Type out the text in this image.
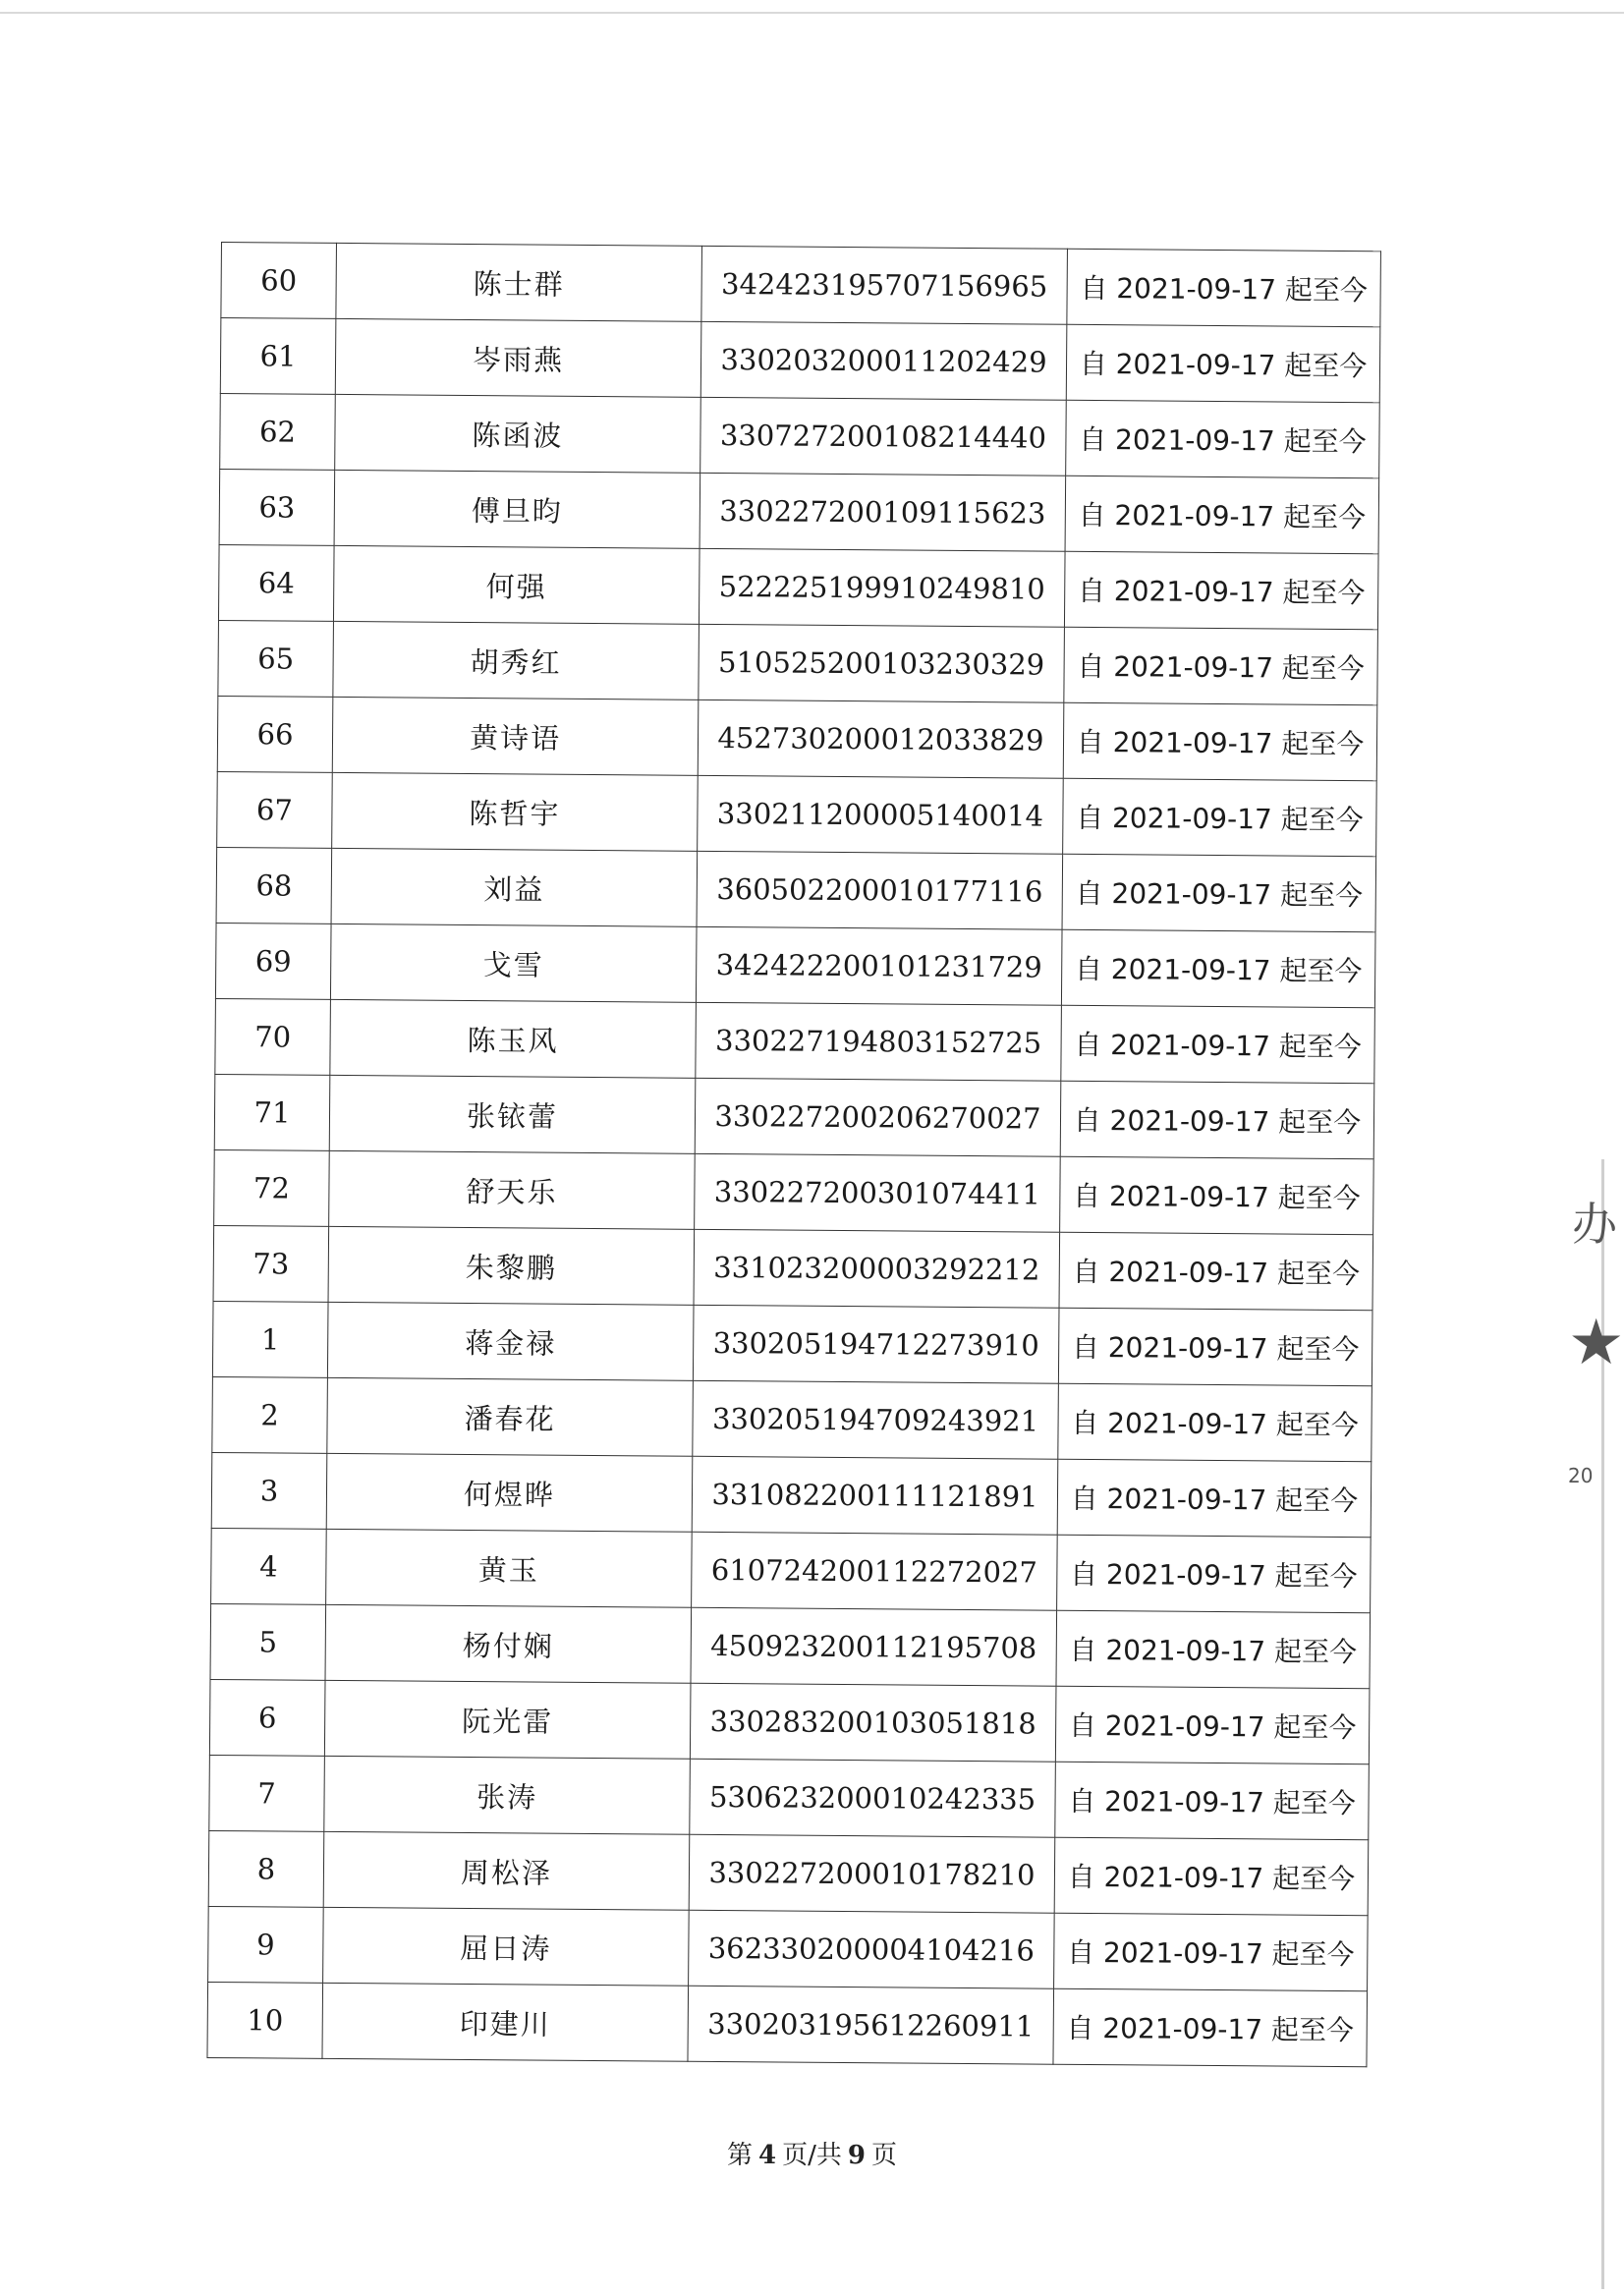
60	陈士群	342423195707156965	自 2021-09-17 起至今
61	岑雨燕	330203200011202429	自 2021-09-17 起至今
62	陈函波	330727200108214440	自 2021-09-17 起至今
63	傅旦昀	330227200109115623	自 2021-09-17 起至今
64	何强	522225199910249810	自 2021-09-17 起至今
65	胡秀红	510525200103230329	自 2021-09-17 起至今
66	黄诗语	452730200012033829	自 2021-09-17 起至今
67	陈哲宇	330211200005140014	自 2021-09-17 起至今
68	刘益	360502200010177116	自 2021-09-17 起至今
69	戈雪	342422200101231729	自 2021-09-17 起至今
70	陈玉风	330227194803152725	自 2021-09-17 起至今
71	张铱蕾	330227200206270027	自 2021-09-17 起至今
72	舒天乐	330227200301074411	自 2021-09-17 起至今
73	朱黎鹏	331023200003292212	自 2021-09-17 起至今
1	蒋金禄	330205194712273910	自 2021-09-17 起至今
2	潘春花	330205194709243921	自 2021-09-17 起至今
3	何煜晔	331082200111121891	自 2021-09-17 起至今
4	黄玉	610724200112272027	自 2021-09-17 起至今
5	杨付娴	450923200112195708	自 2021-09-17 起至今
6	阮光雷	330283200103051818	自 2021-09-17 起至今
7	张涛	530623200010242335	自 2021-09-17 起至今
8	周松泽	330227200010178210	自 2021-09-17 起至今
9	屈日涛	362330200004104216	自 2021-09-17 起至今
10	印建川	330203195612260911	自 2021-09-17 起至今
第 4 页/共 9 页
办
★
20
